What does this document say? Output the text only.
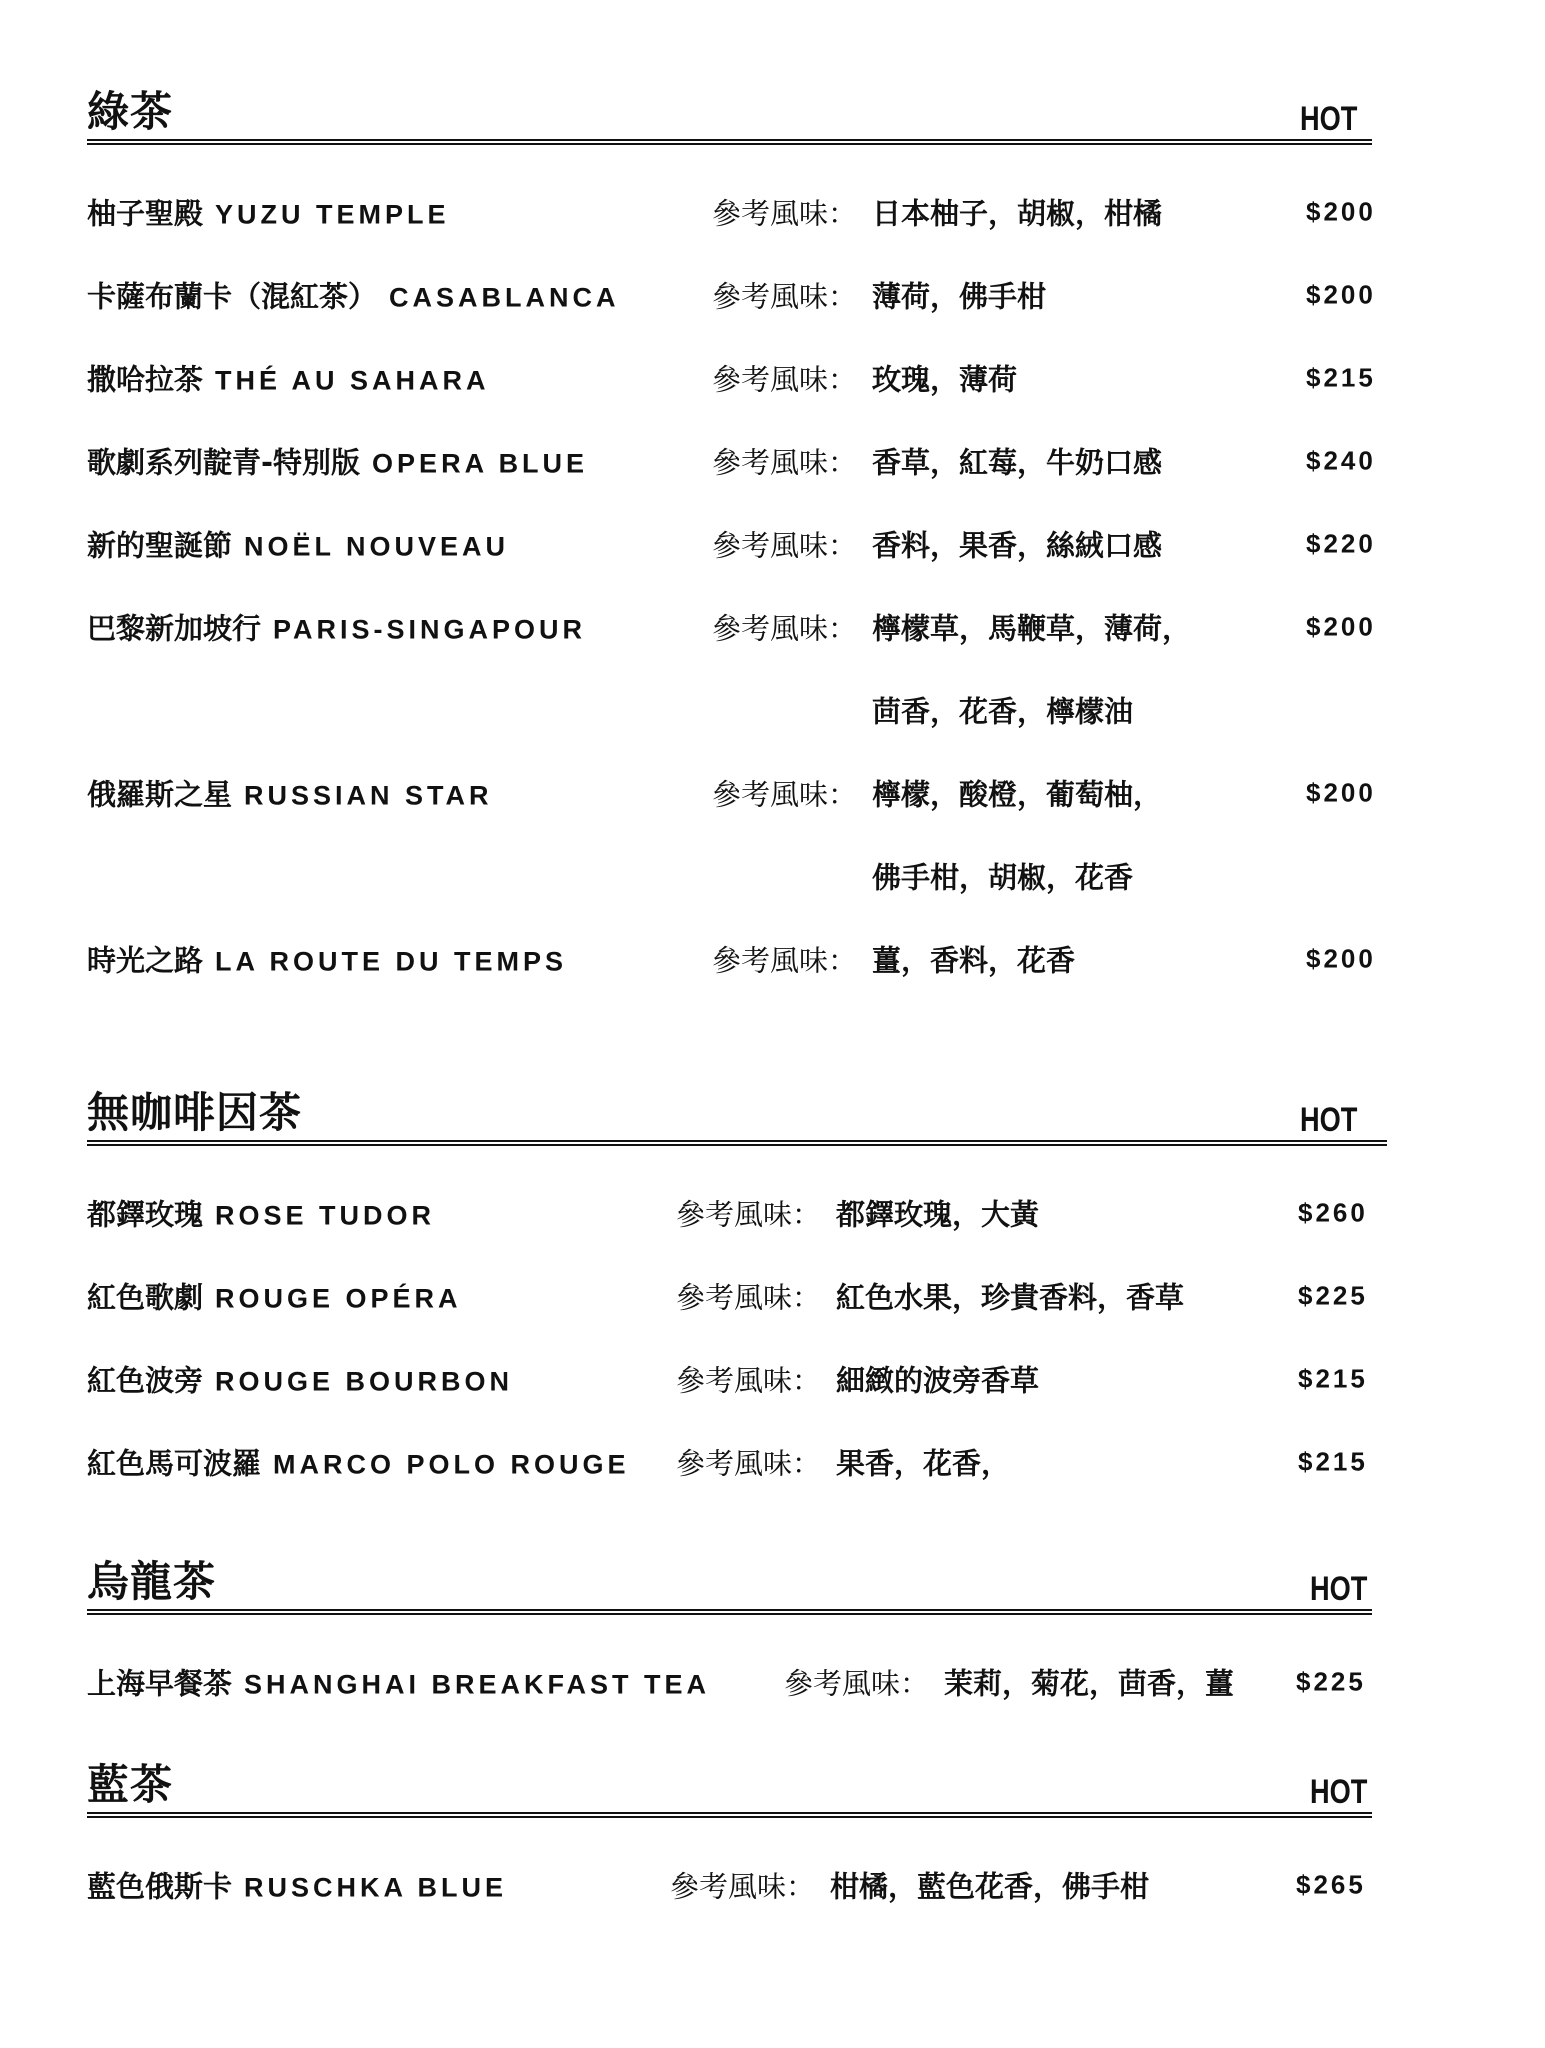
綠茶	HOT
柚子聖殿 YUZU TEMPLE	參考風味： 日本柚子，胡椒，柑橘	$200
卡薩布蘭卡（混紅茶） CASABLANCA	參考風味： 薄荷，佛手柑	$200
撒哈拉茶 THÉ AU SAHARA	參考風味： 玫瑰，薄荷	$215
歌劇系列靛青-特別版 OPERA BLUE	參考風味： 香草，紅莓，牛奶口感	$240
新的聖誕節 NOËL NOUVEAU	參考風味： 香料，果香，絲絨口感	$220
巴黎新加坡行 PARIS-SINGAPOUR	參考風味： 檸檬草，馬鞭草，薄荷，	$200
茴香，花香，檸檬油
俄羅斯之星 RUSSIAN STAR	參考風味： 檸檬，酸橙，葡萄柚，	$200
佛手柑，胡椒，花香
時光之路 LA ROUTE DU TEMPS	參考風味： 薑，香料，花香	$200
無咖啡因茶	HOT
都鐸玫瑰 ROSE TUDOR	參考風味： 都鐸玫瑰，大黃	$260
紅色歌劇 ROUGE OPÉRA	參考風味： 紅色水果，珍貴香料，香草	$225
紅色波旁 ROUGE BOURBON	參考風味： 細緻的波旁香草	$215
紅色馬可波羅 MARCO POLO ROUGE 參考風味： 果香，花香，	$215
烏龍茶	HOT
上海早餐茶 SHANGHAI BREAKFAST TEA	參考風味： 茉莉，菊花，茴香，薑 $225
藍茶	HOT
藍色俄斯卡 RUSCHKA BLUE	參考風味： 柑橘，藍色花香，佛手柑	$265
